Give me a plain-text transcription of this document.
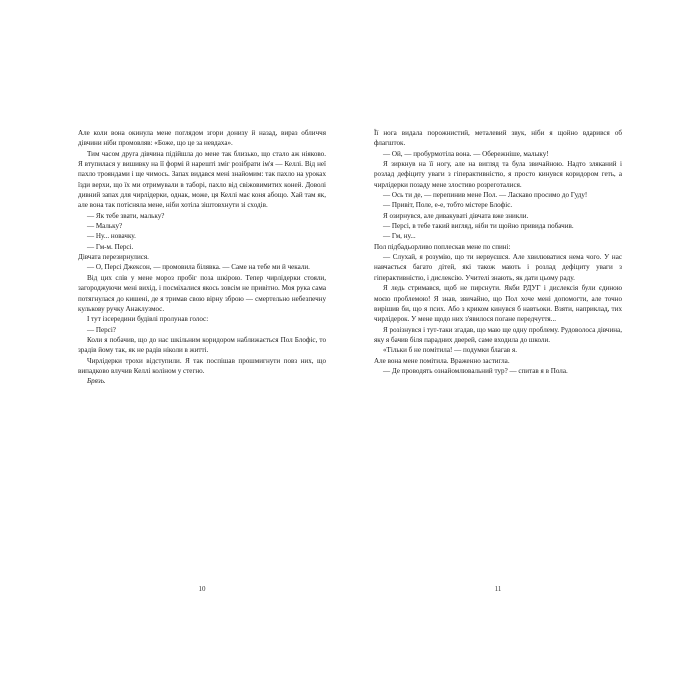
Але коли вона окинула мене поглядом згори донизу й назад, вираз обличчя дівчини ніби промовляв: «Боже, що це за невдаха».

Тим часом друга дівчина підійшла до мене так близько, що стало аж ніяково. Я втупилася у вишивку на її формі й нарешті зміг розібрати ім'я — Келлі. Від неї пахло трояндами і ще чимось. Запах видався мені знайомим: так пахло на уроках їзди верхи, що їх ми отримували в таборі, пахло від свіжовимитих коней. Доволі дивний запах для чирлідерки, однак, може, ця Келлі має коня абощо. Хай там як, але вона так потісняла мене, ніби хотіла зіштовхнути зі сходів.

— Як тебе звати, мальку?

— Мальку?

— Ну... новачку.

— Гм-м. Персі.

Дівчата перезирнулися.

— О, Персі Джексон, — промовила білявка. — Саме на тебе ми й чекали.

Від цих слів у мене мороз пробіг поза шкірою. Тепер чирлідерки стояли, загороджуючи мені вихід, і посміхалися якось зовсім не привітно. Моя рука сама потягнулася до кишені, де я тримав свою вірну зброю — смертельно небезпечну кулькову ручку Анаклузмос.

І тут ізсередини будівлі пролунав голос:

— Персі?

Коли я побачив, що до нас шкільним коридором наближається Пол Блофіс, то зрадів йому так, як не радів ніколи в житті.

Чирлідерки трохи відступили. Я так поспішав прошмигнути повз них, що випадково влучив Келлі коліном у стегно.

Брязь.

10

Її нога видала порожнистий, металевий звук, ніби я щойно вдарився об флагшток.

— Ой, — пробурмотіла вона. — Обережніше, малыку!

Я зиркнув на її ногу, але на вигляд та була звичайною. Надто зляканий і розлад дефіциту уваги з гіперактивністю, я просто кинувся коридором геть, а чирлідерки позаду мене злостиво розреготалися.

— Ось ти де, — перепинив мене Пол. — Ласкаво просимо до Гуду!

— Привіт, Поле, е-е, тобто містере Блофіс.

Я озирнувся, але дивакуваті дівчата вже зникли.

— Персі, в тебе такий вигляд, ніби ти щойно привида побачив.

— Гм, ну...

Пол підбадьорливо поплескав мене по спині:

— Слухай, я розумію, що ти нервуєшся. Але хвилюватися нема чого. У нас навчається багато дітей, які також мають і розлад дефіциту уваги з гіперактивністю, і дислексію. Учителі знають, як дати цьому раду.

Я ледь стримався, щоб не пирснути. Якби РДУГ і дислексія були єдиною моєю проблемою! Я знав, звичайно, що Пол хоче мені допомогти, але точно вирішив би, що я псих. Або з криком кинувся б навтьоки. Взяти, наприклад, тих чирлідерок. У мене щодо них з'явилося погане передчуття...

Я розізнувся і тут-таки згадав, що маю ще одну проблему. Рудоволоса дівчина, яку я бачив біля парадних дверей, саме входила до школи.

«Тільки б не помітила! — подумки благав я.

Але вона мене помітила. Враженно застигла.

— Де проводять ознайомлювальний тур? — спитав я в Пола.

11
